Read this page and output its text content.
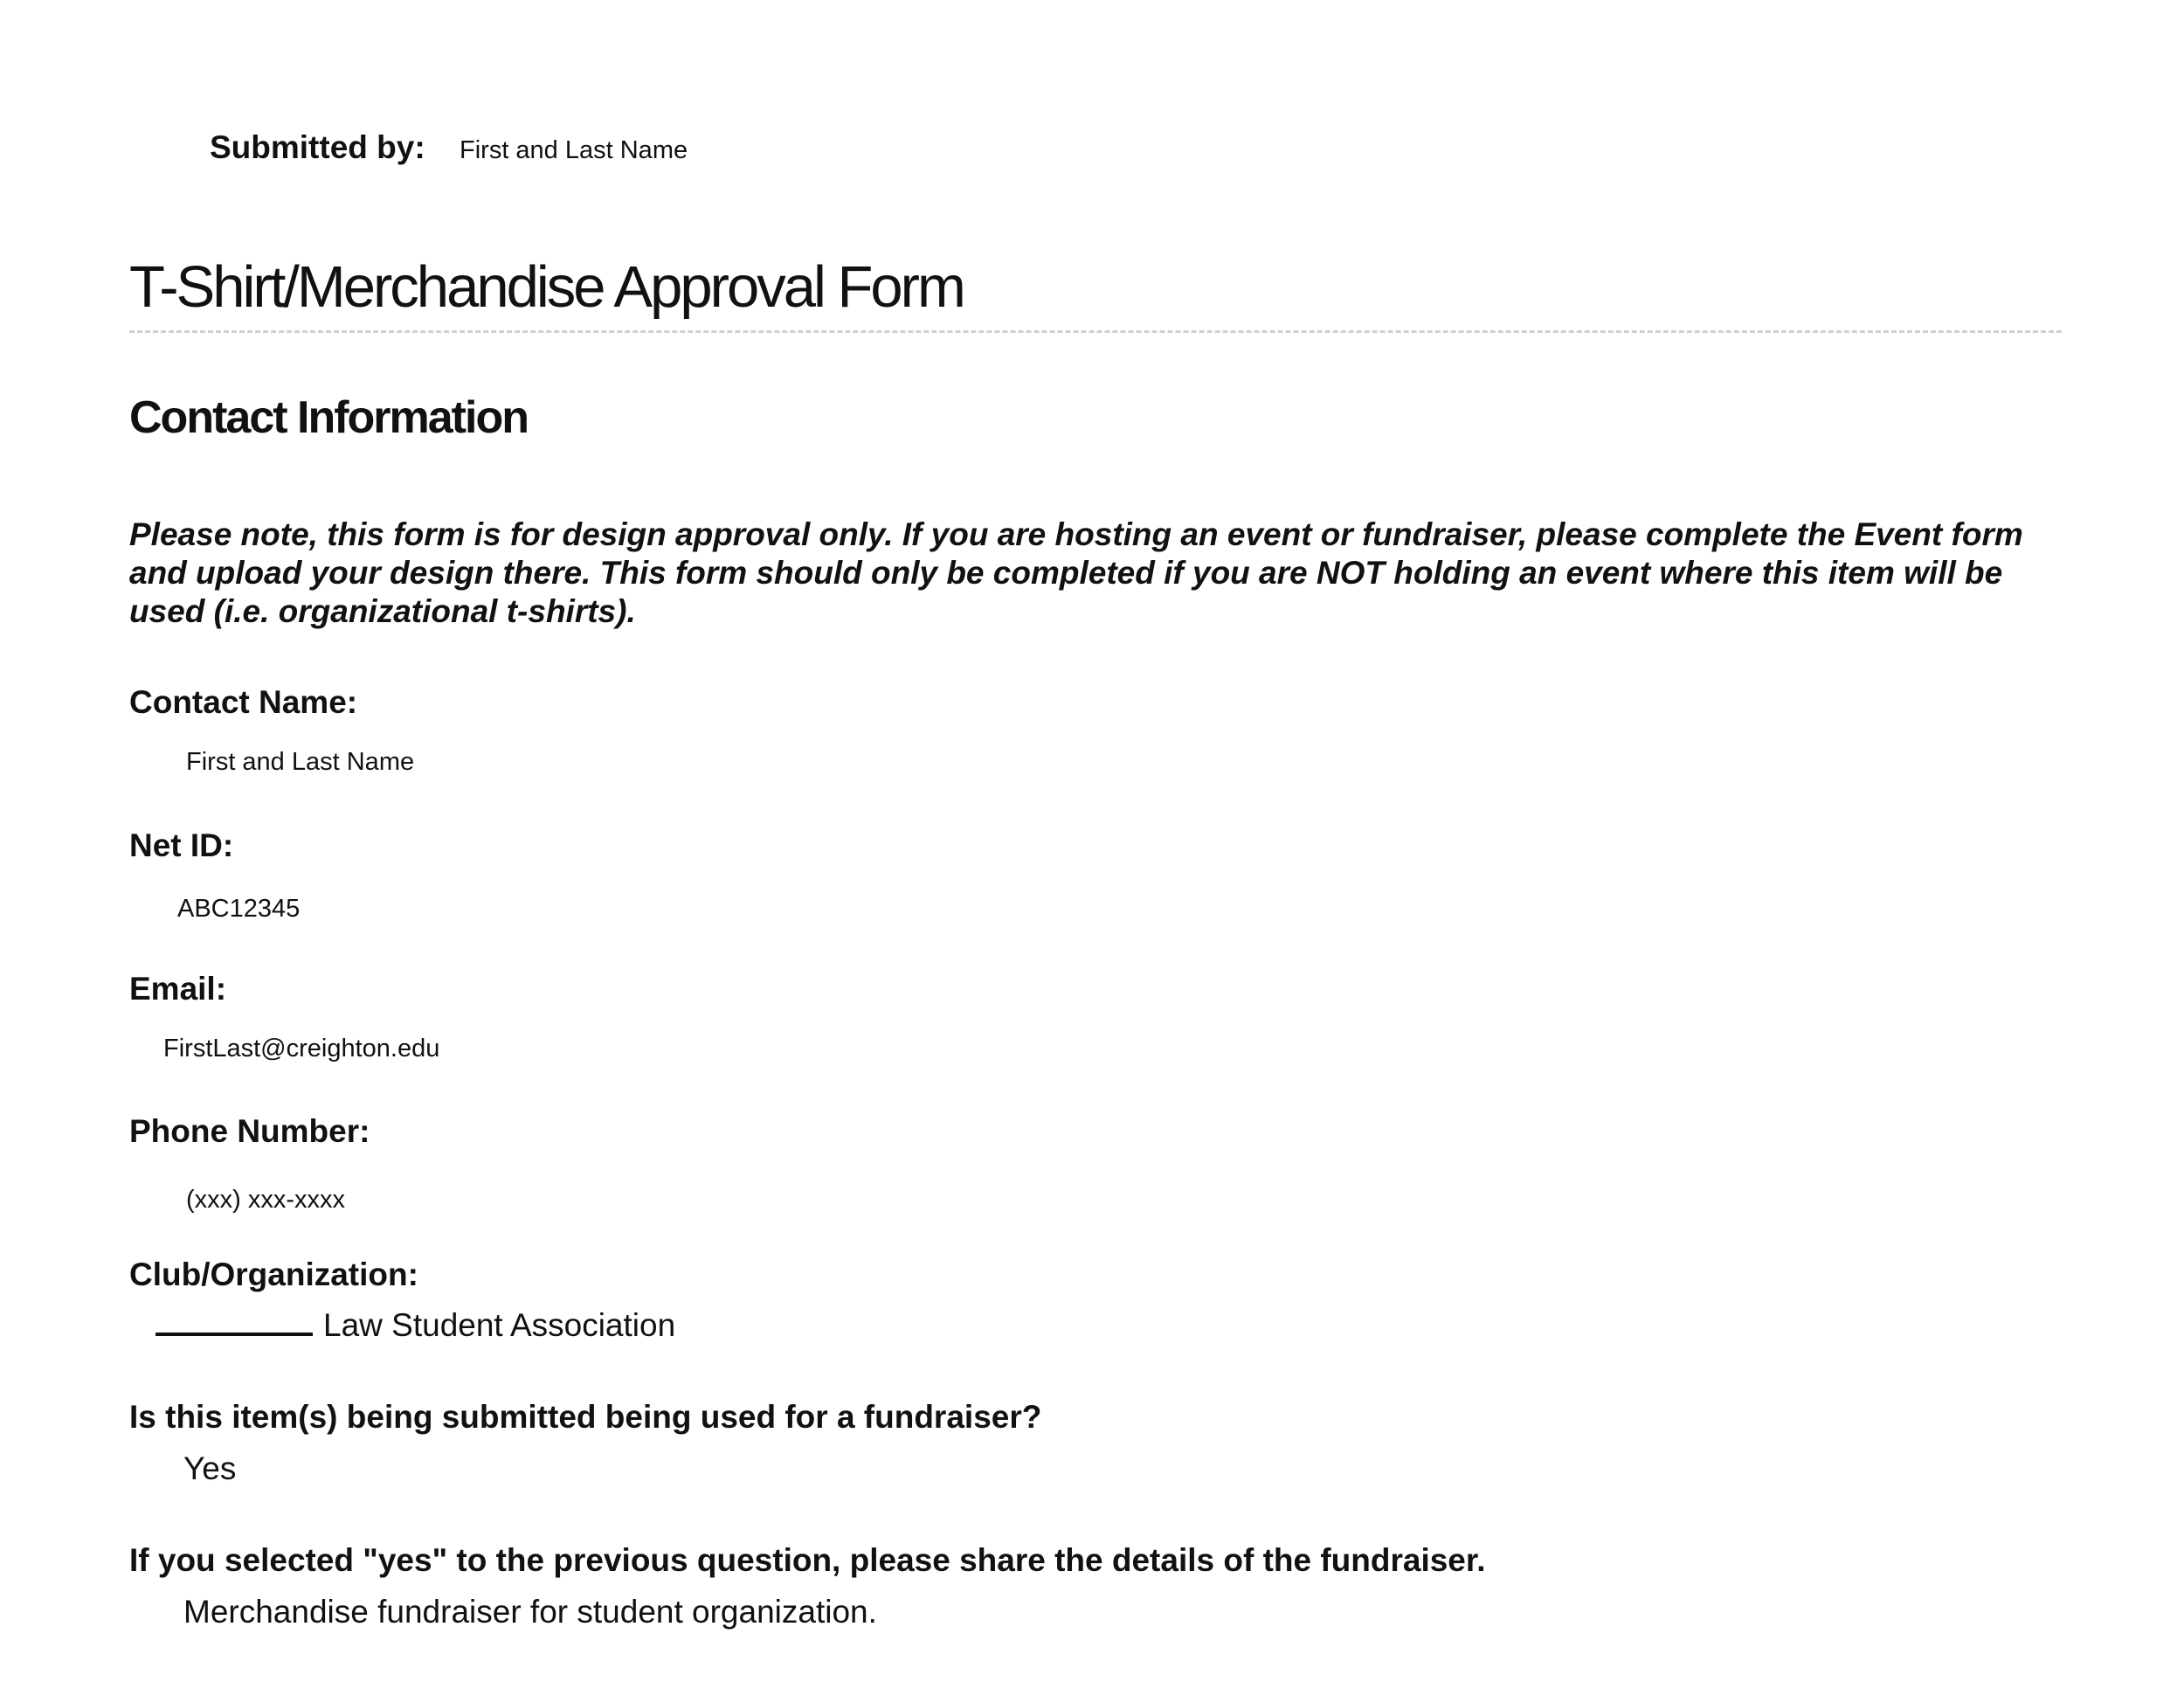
Submitted by: First and Last Name
T-Shirt/Merchandise Approval Form
Contact Information
Please note, this form is for design approval only. If you are hosting an event or fundraiser, please complete the Event form and upload your design there. This form should only be completed if you are NOT holding an event where this item will be used (i.e. organizational t-shirts).
Contact Name:
First and Last Name
Net ID:
ABC12345
Email:
FirstLast@creighton.edu
Phone Number:
(xxx) xxx-xxxx
Club/Organization:
Law Student Association
Is this item(s) being submitted being used for a fundraiser?
Yes
If you selected "yes" to the previous question, please share the details of the fundraiser.
Merchandise fundraiser for student organization.
